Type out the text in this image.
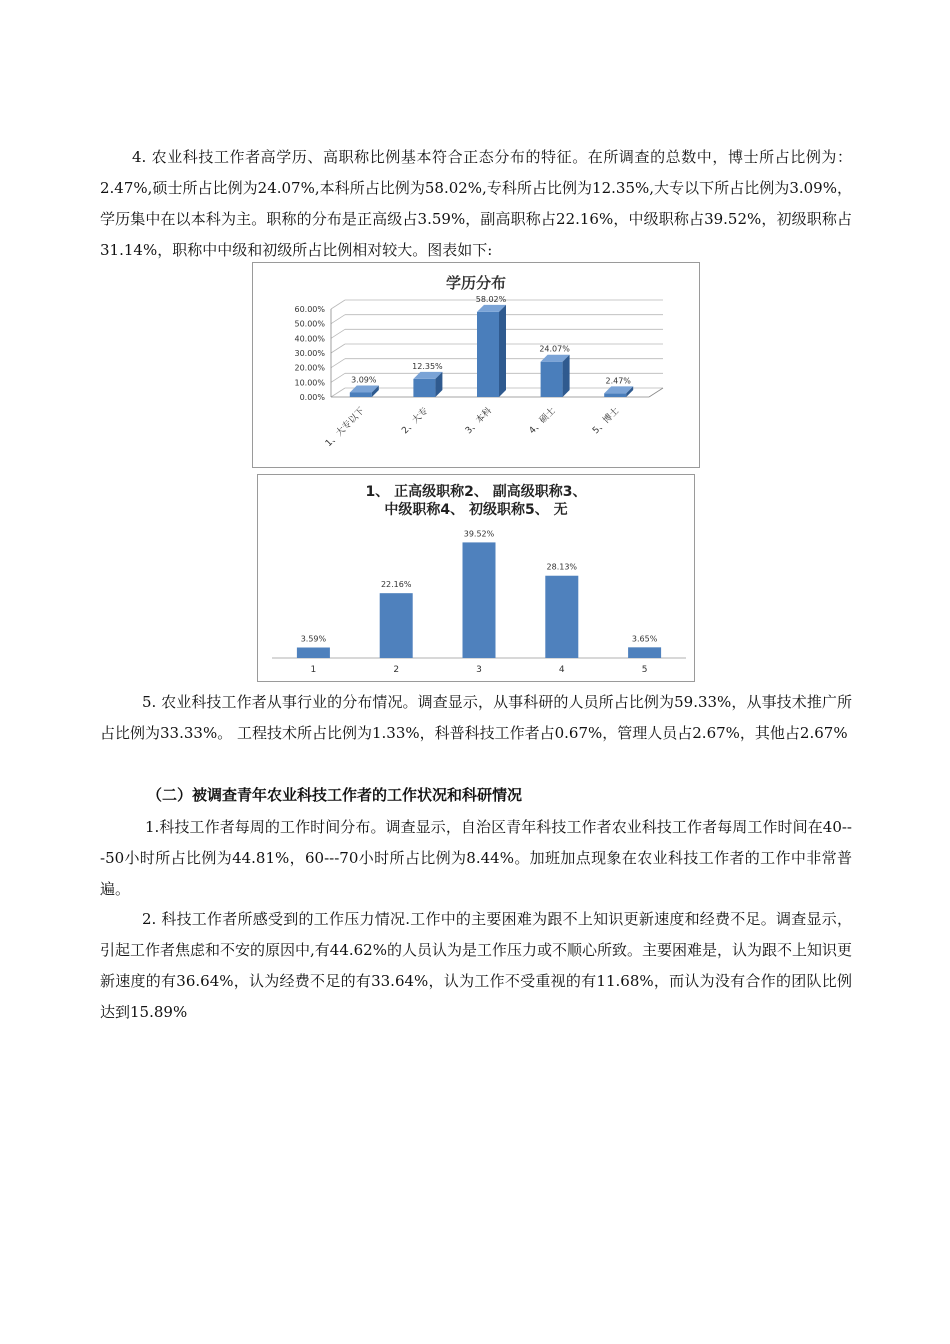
4. 农业科技工作者高学历、高职称比例基本符合正态分布的特征。在所调查的总数中，博士所占比例为：2.47%,硕士所占比例为24.07%,本科所占比例为58.02%,专科所占比例为12.35%,大专以下所占比例为3.09%，学历集中在以本科为主。职称的分布是正高级占3.59%，副高职称占22.16%，中级职称占39.52%，初级职称占31.14%，职称中中级和初级所占比例相对较大。图表如下:

学历分布
0.00%
10.00%
20.00%
30.00%
40.00%
50.00%
60.00%
3.09%
1、大专以下
12.35%
2、大专
58.02%
3、本科
24.07%
4、硕士
2.47%
5、博士
1、 正高级职称2、 副高级职称3、
中级职称4、 初级职称5、 无
3.59%
1
22.16%
2
39.52%
3
28.13%
4
3.65%
5

5. 农业科技工作者从事行业的分布情况。调查显示，从事科研的人员所占比例为59.33%，从事技术推广所占比例为33.33%。 工程技术所占比例为1.33%，科普科技工作者占0.67%，管理人员占2.67%，其他占2.67%

（二）被调查青年农业科技工作者的工作状况和科研情况

1.科技工作者每周的工作时间分布。调查显示，自治区青年科技工作者农业科技工作者每周工作时间在40---50小时所占比例为44.81%，60---70小时所占比例为8.44%。加班加点现象在农业科技工作者的工作中非常普遍。

2. 科技工作者所感受到的工作压力情况.工作中的主要困难为跟不上知识更新速度和经费不足。调查显示，引起工作者焦虑和不安的原因中,有44.62%的人员认为是工作压力或不顺心所致。主要困难是，认为跟不上知识更新速度的有36.64%，认为经费不足的有33.64%，认为工作不受重视的有11.68%，而认为没有合作的团队比例达到15.89%
